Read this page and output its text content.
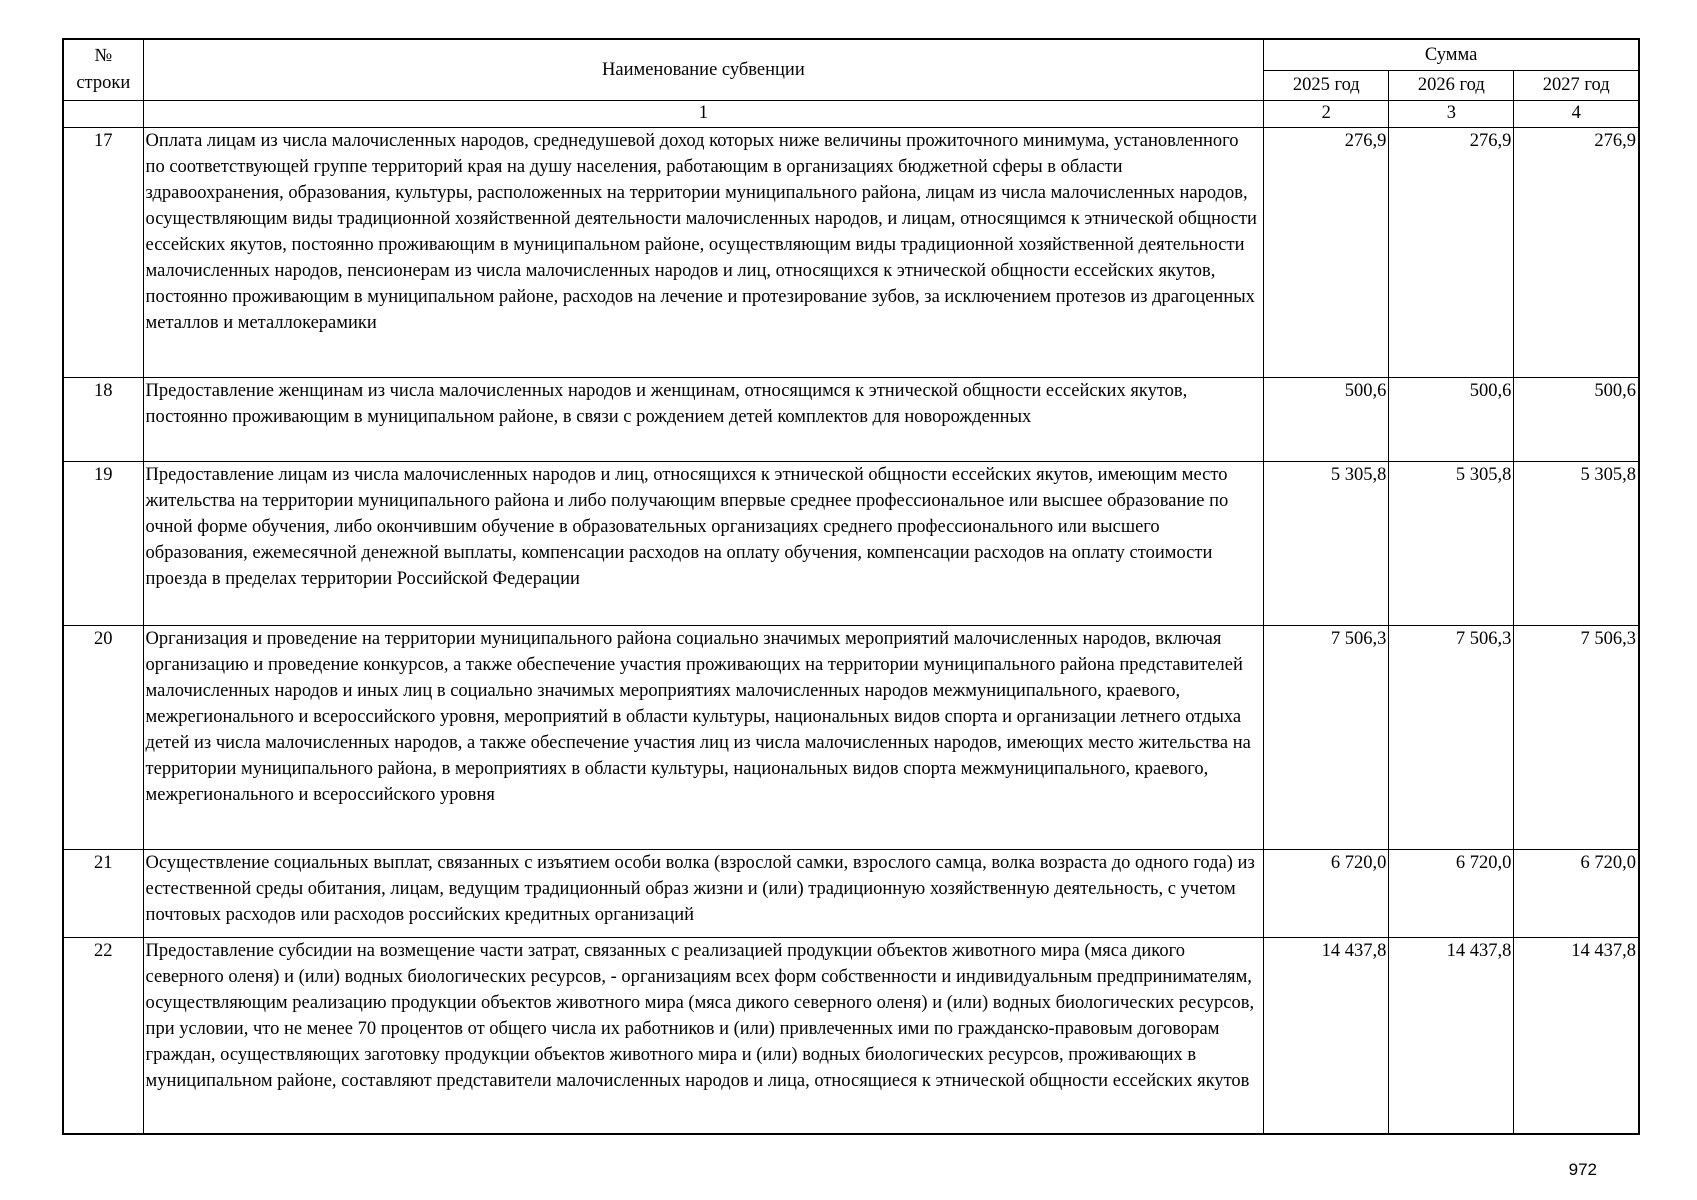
№
строки	Наименование субвенции	Сумма		
		2025 год	2026 год	2027 год
	1	2	3	4
17	Оплата лицам из числа малочисленных народов, среднедушевой доход которых ниже величины прожиточного минимума, установленного по соответствующей группе территорий края на душу населения, работающим в организациях бюджетной сферы в области здравоохранения, образования, культуры, расположенных на территории муниципального района, лицам из числа малочисленных народов, осуществляющим виды традиционной хозяйственной деятельности малочисленных народов, и лицам, относящимся к этнической общности ессейских якутов, постоянно проживающим в муниципальном районе, осуществляющим виды традиционной хозяйственной деятельности малочисленных народов, пенсионерам из числа малочисленных народов и лиц, относящихся к этнической общности ессейских якутов, постоянно проживающим в муниципальном районе, расходов на лечение и протезирование зубов, за исключением протезов из драгоценных металлов и металлокерамики	276,9	276,9	276,9
18	Предоставление женщинам из числа малочисленных народов и женщинам, относящимся к этнической общности ессейских якутов, постоянно проживающим в муниципальном районе, в связи с рождением детей комплектов для новорожденных	500,6	500,6	500,6
19	Предоставление лицам из числа малочисленных народов и лиц, относящихся к этнической общности ессейских якутов, имеющим место жительства на территории муниципального района и либо получающим впервые среднее профессиональное или высшее образование по очной форме обучения, либо окончившим обучение в образовательных организациях среднего профессионального или высшего образования, ежемесячной денежной выплаты, компенсации расходов на оплату обучения, компенсации расходов на оплату стоимости проезда в пределах территории Российской Федерации	5 305,8	5 305,8	5 305,8
20	Организация и проведение на территории муниципального района социально значимых мероприятий малочисленных народов, включая организацию и проведение конкурсов, а также обеспечение участия проживающих на территории муниципального района представителей малочисленных народов и иных лиц в социально значимых мероприятиях малочисленных народов межмуниципального, краевого, межрегионального и всероссийского уровня, мероприятий в области культуры, национальных видов спорта и организации летнего отдыха детей из числа малочисленных народов, а также обеспечение участия лиц из числа малочисленных народов, имеющих место жительства на территории муниципального района, в мероприятиях в области культуры, национальных видов спорта межмуниципального, краевого, межрегионального и всероссийского уровня	7 506,3	7 506,3	7 506,3
21	Осуществление социальных выплат, связанных с изъятием особи волка (взрослой самки, взрослого самца, волка возраста до одного года) из естественной среды обитания, лицам, ведущим традиционный образ жизни и (или) традиционную хозяйственную деятельность, с учетом почтовых расходов или расходов российских кредитных организаций	6 720,0	6 720,0	6 720,0
22	Предоставление субсидии на возмещение части затрат, связанных с реализацией продукции объектов животного мира (мяса дикого северного оленя) и (или) водных биологических ресурсов, - организациям всех форм собственности и индивидуальным предпринимателям, осуществляющим реализацию продукции объектов животного мира (мяса дикого северного оленя) и (или) водных биологических ресурсов, при условии, что не менее 70 процентов от общего числа их работников и (или) привлеченных ими по гражданско-правовым договорам граждан, осуществляющих заготовку продукции объектов животного мира и (или) водных биологических ресурсов, проживающих в муниципальном районе, составляют представители малочисленных народов и лица, относящиеся к этнической общности ессейских якутов	14 437,8	14 437,8	14 437,8
972
